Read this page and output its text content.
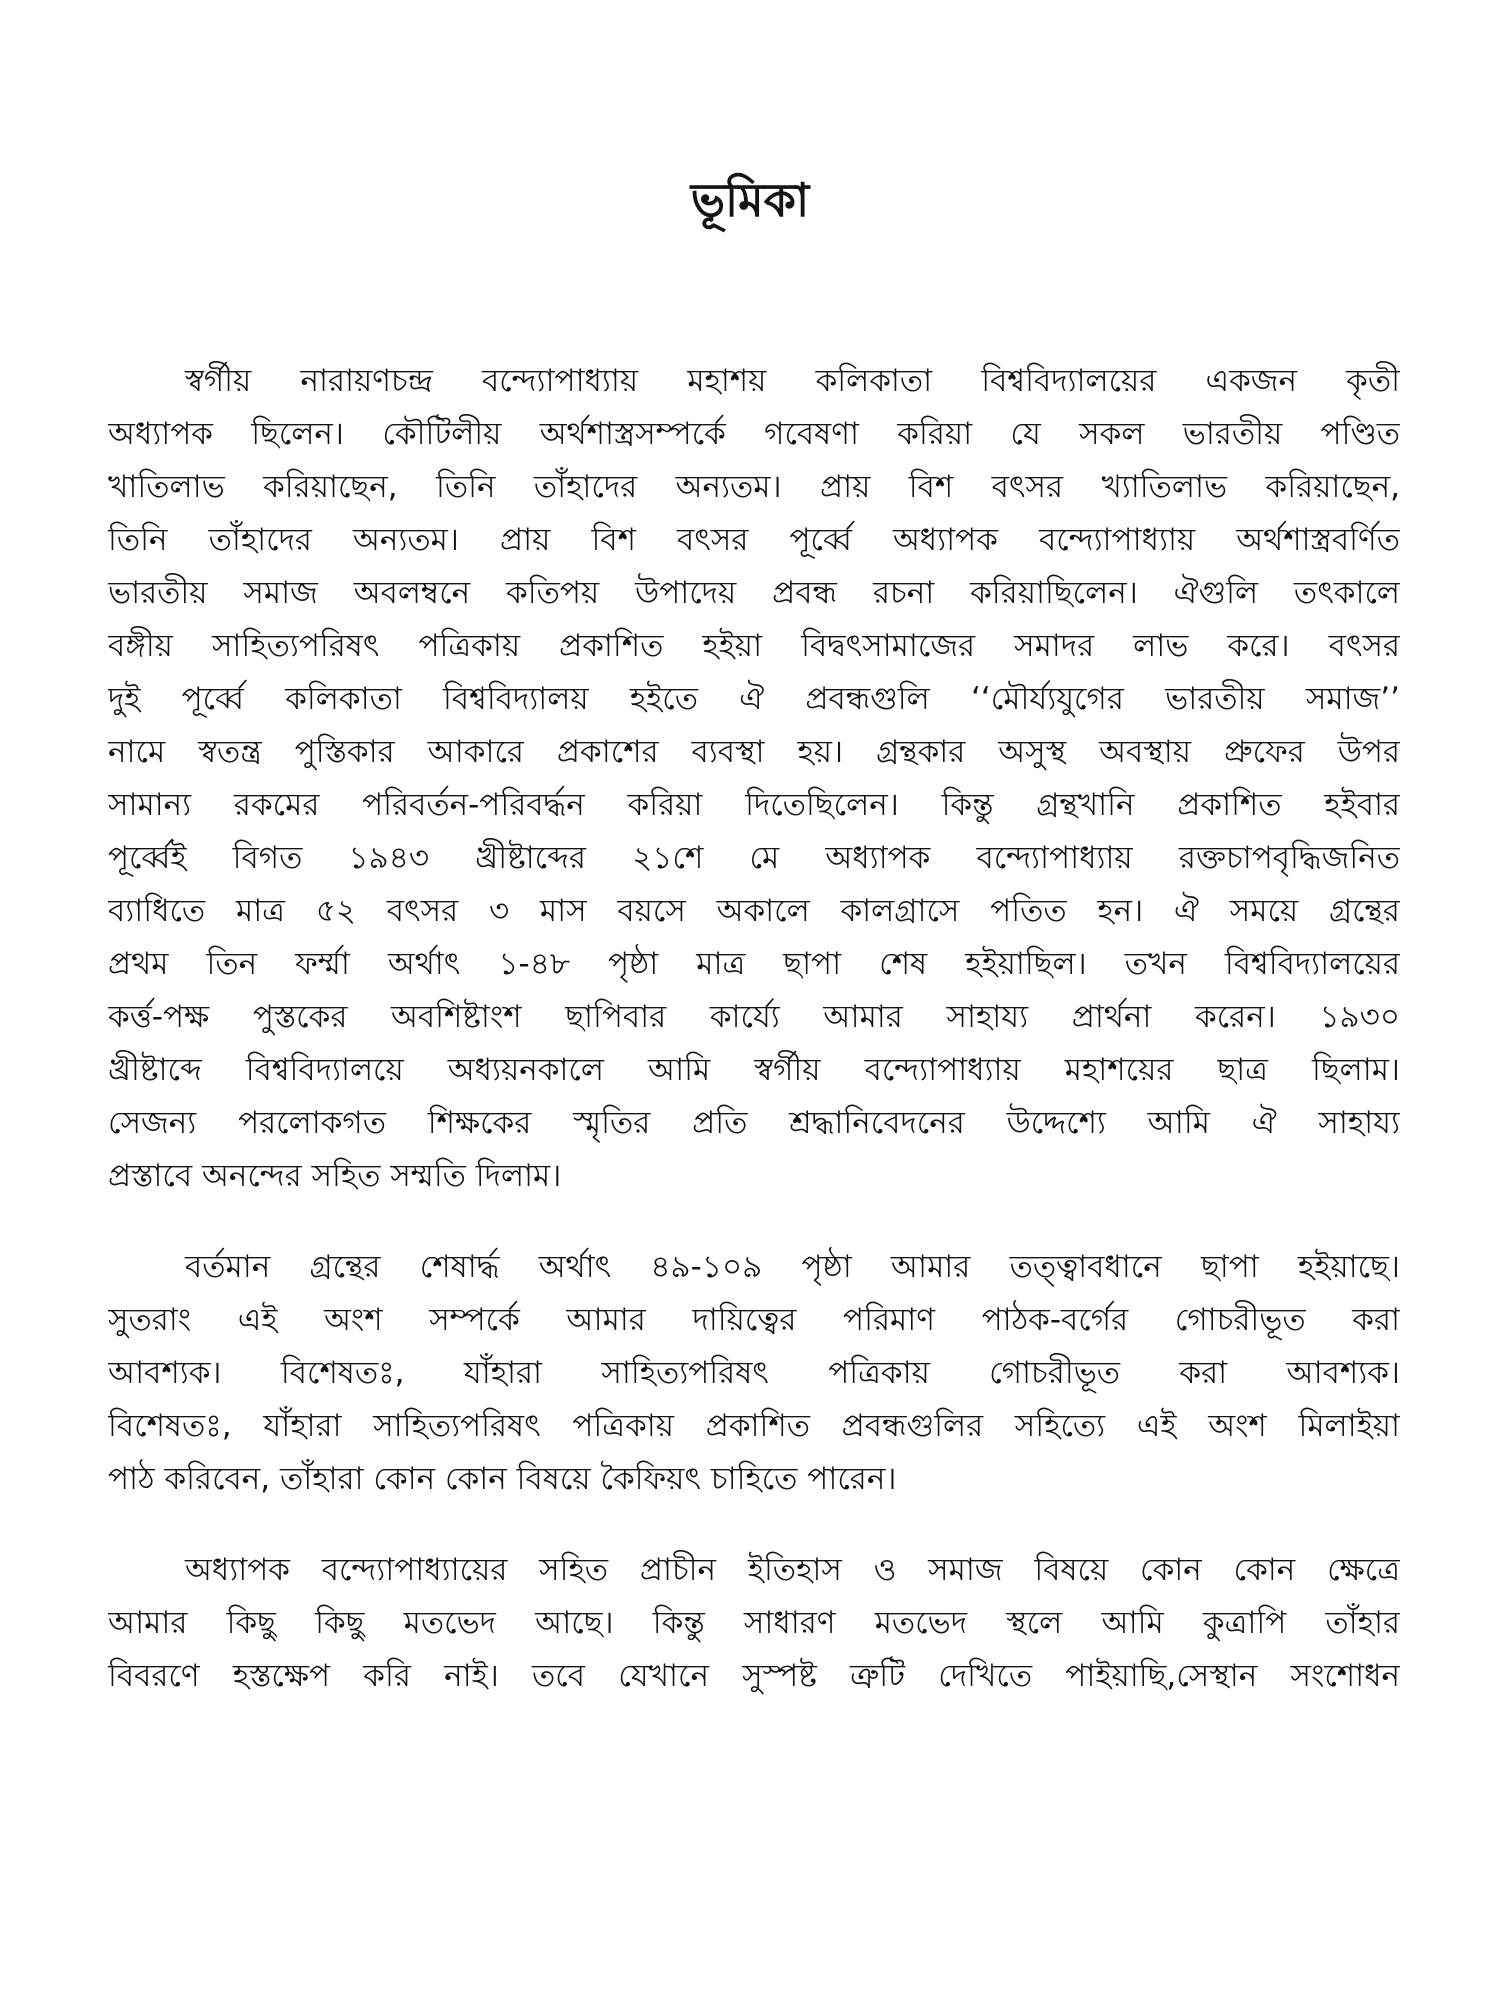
ভূমিকা
স্বর্গীয় নারায়ণচন্দ্র বন্দ্যোপাধ্যায় মহাশয় কলিকাতা বিশ্ববিদ্যালয়ের একজন কৃতী
অধ্যাপক ছিলেন। কৌটিলীয় অর্থশাস্ত্রসম্পর্কে গবেষণা করিয়া যে সকল ভারতীয় পণ্ডিত
খাতিলাভ করিয়াছেন, তিনি তাঁহাদের অন্যতম। প্রায় বিশ বৎসর খ্যাতিলাভ করিয়াছেন,
তিনি তাঁহাদের অন্যতম। প্রায় বিশ বৎসর পূর্ব্বে অধ্যাপক বন্দ্যোপাধ্যায় অর্থশাস্ত্রবর্ণিত
ভারতীয় সমাজ অবলম্বনে কতিপয় উপাদেয় প্রবন্ধ রচনা করিয়াছিলেন। ঐগুলি তৎকালে
বঙ্গীয় সাহিত্যপরিষৎ পত্রিকায় প্রকাশিত হইয়া বিদ্বৎসামাজের সমাদর লাভ করে। বৎসর
দুই পূর্ব্বে কলিকাতা বিশ্ববিদ্যালয় হইতে ঐ প্রবন্ধগুলি ‘‘মৌর্য্যযুগের ভারতীয় সমাজ’’
নামে স্বতন্ত্র পুস্তিকার আকারে প্রকাশের ব্যবস্থা হয়। গ্রন্থকার অসুস্থ অবস্থায় প্রুফের উপর
সামান্য রকমের পরিবর্তন-পরিবর্দ্ধন করিয়া দিতেছিলেন। কিন্তু গ্রন্থখানি প্রকাশিত হইবার
পূর্ব্বেই বিগত ১৯৪৩ খ্রীষ্টাব্দের ২১শে মে অধ্যাপক বন্দ্যোপাধ্যায় রক্তচাপবৃদ্ধিজনিত
ব্যাধিতে মাত্র ৫২ বৎসর ৩ মাস বয়সে অকালে কালগ্রাসে পতিত হন। ঐ সময়ে গ্রন্থের
প্রথম তিন ফর্ম্মা অর্থাৎ ১-৪৮ পৃষ্ঠা মাত্র ছাপা শেষ হইয়াছিল। তখন বিশ্ববিদ্যালয়ের
কর্ত্ত-পক্ষ পুস্তকের অবশিষ্টাংশ ছাপিবার কার্য্যে আমার সাহায্য প্রার্থনা করেন। ১৯৩০
খ্রীষ্টাব্দে বিশ্ববিদ্যালয়ে অধ্যয়নকালে আমি স্বর্গীয় বন্দ্যোপাধ্যায় মহাশয়ের ছাত্র ছিলাম।
সেজন্য পরলোকগত শিক্ষকের স্মৃতির প্রতি শ্রদ্ধানিবেদনের উদ্দেশ্যে আমি ঐ সাহায্য
প্রস্তাবে অনন্দের সহিত সম্মতি দিলাম।
বর্তমান গ্রন্থের শেষার্দ্ধ অর্থাৎ ৪৯-১০৯ পৃষ্ঠা আমার তত্ত্বাবধানে ছাপা হইয়াছে।
সুতরাং এই অংশ সম্পর্কে আমার দায়িত্বের পরিমাণ পাঠক-বর্গের গোচরীভূত করা
আবশ্যক। বিশেষতঃ, যাঁহারা সাহিত্যপরিষৎ পত্রিকায় গোচরীভূত করা আবশ্যক।
বিশেষতঃ, যাঁহারা সাহিত্যপরিষৎ পত্রিকায় প্রকাশিত প্রবন্ধগুলির সহিত্যে এই অংশ মিলাইয়া
পাঠ করিবেন, তাঁহারা কোন কোন বিষয়ে কৈফিয়ৎ চাহিতে পারেন।
অধ্যাপক বন্দ্যোপাধ্যায়ের সহিত প্রাচীন ইতিহাস ও সমাজ বিষয়ে কোন কোন ক্ষেত্রে
আমার কিছু কিছু মতভেদ আছে। কিন্তু সাধারণ মতভেদ স্থলে আমি কুত্রাপি তাঁহার
বিবরণে হস্তক্ষেপ করি নাই। তবে যেখানে সুস্পষ্ট ত্রুটি দেখিতে পাইয়াছি,সেস্থান সংশোধন
